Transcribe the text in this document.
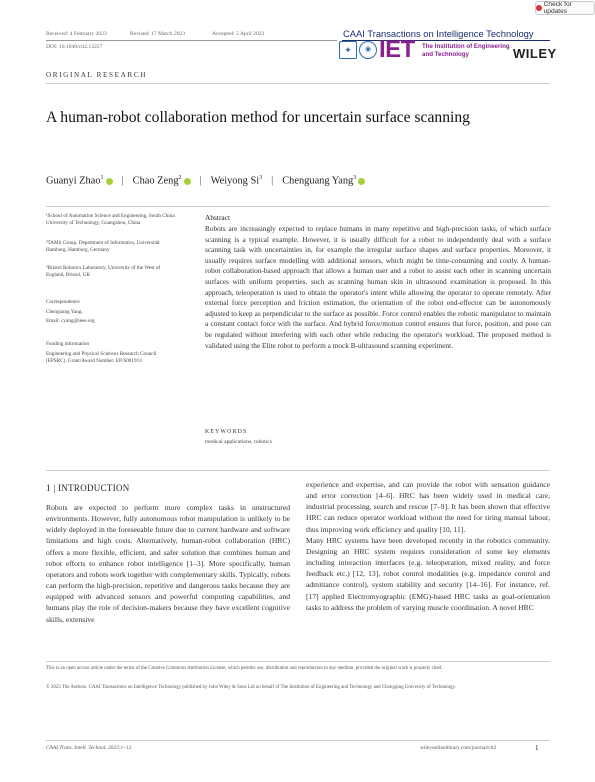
Check for updates
Received: 4 February 2023	Revised: 17 March 2023	Accepted: 5 April 2023	CAAI Transactions on Intelligence Technology
DOI: 10.1049/cit2.12227	✦	◉ IET The Institution of Engineering and Technology	WILEY
ORIGINAL RESEARCH
A human-robot collaboration method for uncertain surface scanning
Guanyi Zhao$^1$	| Chao Zeng$^2$	| Weiyong Si$^3$ | Chenguang Yang$^3$
¹School of Automation Science and Engineering, South China University of Technology, Guangzhou, China
²TAMS Group, Department of Informatics, Universität Hamburg, Hamburg, Germany
³Bristol Robotics Laboratory, University of the West of England, Bristol, UK
Correspondence
Chenguang Yang.
Email: cyang@ieee.org
Funding information
Engineering and Physical Sciences Research Council (EPSRC), Grant/Award Number: EP/S001913
Abstract
Robots are increasingly expected to replace humans in many repetitive and high-precision tasks, of which surface scanning is a typical example. However, it is usually difficult for a robot to independently deal with a surface scanning task with uncertainties in, for example the irregular surface shapes and surface properties. Moreover, it usually requires surface modelling with additional sensors, which might be time-consuming and costly. A human-robot collaboration-based approach that allows a human user and a robot to assist each other in scanning uncertain surfaces with uniform properties, such as scanning human skin in ultrasound examination is proposed. In this approach, teleoperation is used to obtain the operator's intent while allowing the operator to operate remotely. After external force perception and friction estimation, the orientation of the robot end-effector can be autonomously adjusted to keep as perpendicular to the surface as possible. Force control enables the robotic manipulator to maintain a constant contact force with the surface. And hybrid force/motion control ensures that force, position, and pose can be regulated without interfering with each other while reducing the operator's workload. The proposed method is validated using the Elite robot to perform a mock B-ultrasound scanning experiment.
KEYWORDS
medical applications, robotics
1 | INTRODUCTION
Robots are expected to perform more complex tasks in unstructured environments. However, fully autonomous robot manipulation is unlikely to be widely deployed in the foreseeable future due to current hardware and software limitations and high costs. Alternatively, human-robot collaboration (HRC) offers a more flexible, efficient, and safer solution that combines human and robot efforts to enhance robot intelligence [1–3]. More specifically, human operators and robots work together with complementary skills. Typically, robots can perform the high-precision, repetitive and dangerous tasks because they are equipped with advanced sensors and powerful computing capabilities, and humans play the role of decision-makers because they have excellent cognitive skills, extensive
experience and expertise, and can provide the robot with sensation guidance and error correction [4–6]. HRC has been widely used in medical care, industrial processing, search and rescue [7–9]. It has been shown that effective HRC can reduce operator workload without the need for tiring manual labour, thus improving work efficiency and quality [10, 11].
Many HRC systems have been developed recently in the robotics community. Designing an HRC system requires consideration of some key elements including interaction interfaces (e.g. teleoperation, mixed reality, and force feedback etc.) [12, 13], robot control modalities (e.g. impedance control and admittance control), system stability and security [14–16]. For instance, ref. [17] applied Electromyographic (EMG)-based HRC tasks as goal-orientation tasks to address the problem of varying muscle coordination. A novel HRC
This is an open access article under the terms of the Creative Commons Attribution License, which permits use, distribution and reproduction in any medium, provided the original work is properly cited.
© 2023 The Authors. CAAI Transactions on Intelligence Technology published by John Wiley & Sons Ltd on behalf of The Institution of Engineering and Technology and Chongqing University of Technology.
CAAI Trans. Intell. Technol. 2023;1–12.	wileyonlinelibrary.com/journal/cit2	1
